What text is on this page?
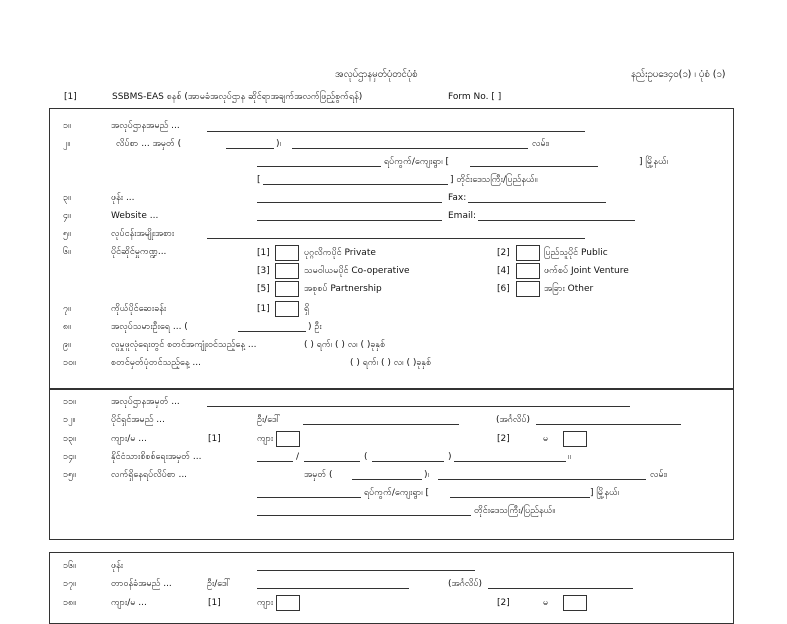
အလုပ်ဌာနမှတ်ပုံတင်ပုံစံ	နည်းဥပဒေ၄၀(၁) ၊ ပုံစံ (၁)
[1]	SSBMS-EAS စနစ် (အာမခံအလုပ်ဌာန ဆိုင်ရာအချက်အလက်ဖြည့်စွက်ရန်)	Form No. [ ]
၁။	အလုပ်ဌာနအမည် ...
၂။	လိပ်စာ ... အမှတ် (	)၊	လမ်း၊
ရပ်ကွက်/ကျေးရွာ၊ [	] မြို့နယ်၊
[	] တိုင်းဒေသကြီး/ပြည်နယ်။
၃။	ဖုန်း ...	Fax:
၄။	Website ...	Email:
၅။	လုပ်ငန်းအမျိုးအစား
၆။	ပိုင်ဆိုင်မှုကဏ္ဍ...	[1]	ပုဂ္ဂလိကပိုင် Private	[2]	ပြည်သူပိုင် Public
[3]	သမဝါယမပိုင် Co-operative	[4]	ဖက်စပ် Joint Venture
[5]	အစုစပ် Partnership	[6]	အခြား Other
၇။	ကိုယ်ပိုင်ဆေးခန်း	[1]	ရှိ
၈။	အလုပ်သမားဦးရေ ... (	) ဦး
၉။	လူမှုဖူလုံရေးတွင် စတင်အကျုံးဝင်သည့်နေ့ ...	( ) ရက်၊ ( ) လ၊ ( )ခုနှစ်
၁၀။	စတင်မှတ်ပုံတင်သည့်နေ့ ...	( ) ရက်၊ ( ) လ၊ ( )ခုနှစ်
၁၁။	အလုပ်ဌာနအမှတ် ...
၁၂။	ပိုင်ရှင်အမည် ...	ဦး/ဒေါ်	(အင်္ဂလိပ်)
၁၃။	ကျား/မ ...	[1]	ကျား	[2]	မ
၁၄။	နိုင်ငံသားစိစစ်ရေးအမှတ် ...	/	(	)	။
၁၅။	လက်ရှိနေရပ်လိပ်စာ ...	အမှတ် (	)၊	လမ်း၊
ရပ်ကွက်/ကျေးရွာ၊ [	] မြို့နယ်၊
တိုင်းဒေသကြီး/ပြည်နယ်။
၁၆။	ဖုန်း
၁၇။	တာဝန်ခံအမည် ...	ဦး/ဒေါ်	(အင်္ဂလိပ်)
၁၈။	ကျား/မ ...	[1]	ကျား	[2]	မ
